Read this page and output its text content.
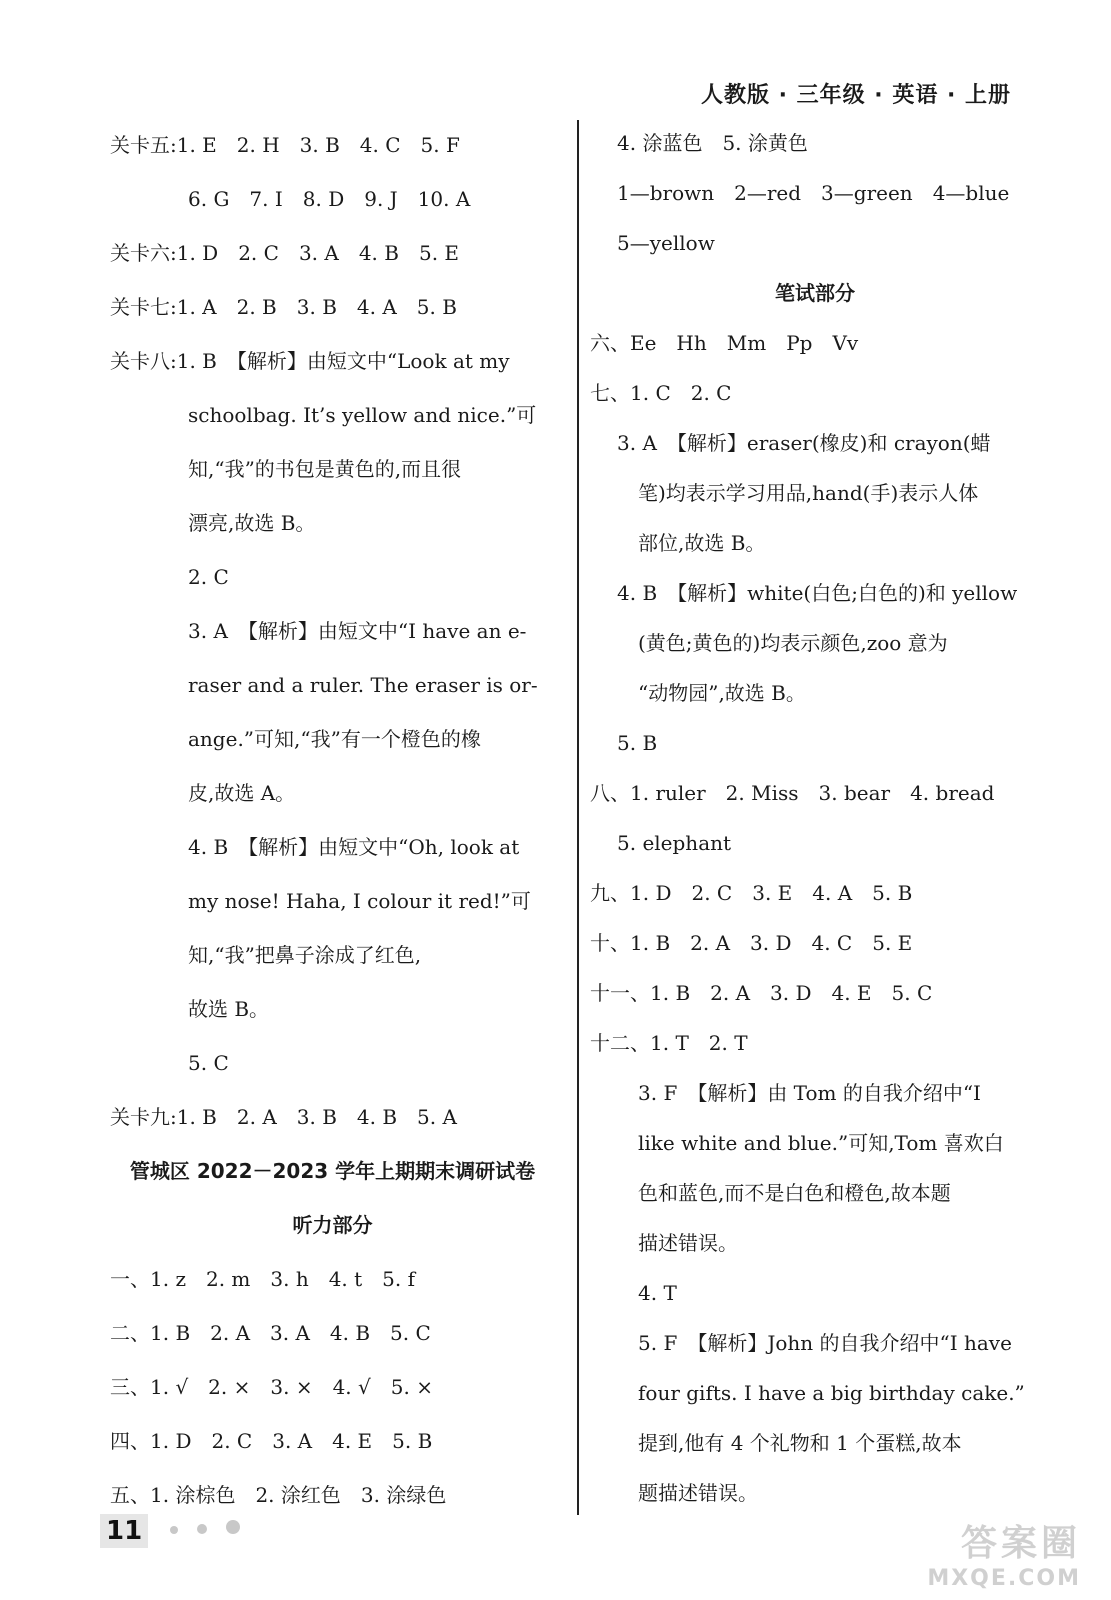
人教版 · 三年级 · 英语 · 上册
关卡五:1. E　2. H　3. B　4. C　5. F
6. G　7. I　8. D　9. J　10. A
关卡六:1. D　2. C　3. A　4. B　5. E
关卡七:1. A　2. B　3. B　4. A　5. B
关卡八:1. B　【解析】由短文中“Look at my
schoolbag. It’s yellow and nice.”可
知,“我”的书包是黄色的,而且很
漂亮,故选 B。
2. C
3. A　【解析】由短文中“I have an e-
raser and a ruler. The eraser is or-
ange.”可知,“我”有一个橙色的橡
皮,故选 A。
4. B　【解析】由短文中“Oh, look at
my nose! Haha, I colour it red!”可
知,“我”把鼻子涂成了红色,
故选 B。
5. C
关卡九:1. B　2. A　3. B　4. B　5. A
管城区 2022－2023 学年上期期末调研试卷
听力部分
一、1. z　2. m　3. h　4. t　5. f
二、1. B　2. A　3. A　4. B　5. C
三、1. √　2. ×　3. ×　4. √　5. ×
四、1. D　2. C　3. A　4. E　5. B
五、1. 涂棕色　2. 涂红色　3. 涂绿色
4. 涂蓝色　5. 涂黄色
1—brown　2—red　3—green　4—blue
5—yellow
笔试部分
六、Ee　Hh　Mm　Pp　Vv
七、1. C　2. C
3. A　【解析】eraser(橡皮)和 crayon(蜡
笔)均表示学习用品,hand(手)表示人体
部位,故选 B。
4. B　【解析】white(白色;白色的)和 yellow
(黄色;黄色的)均表示颜色,zoo 意为
“动物园”,故选 B。
5. B
八、1. ruler　2. Miss　3. bear　4. bread
5. elephant
九、1. D　2. C　3. E　4. A　5. B
十、1. B　2. A　3. D　4. C　5. E
十一、1. B　2. A　3. D　4. E　5. C
十二、1. T　2. T
3. F　【解析】由 Tom 的自我介绍中“I
like white and blue.”可知,Tom 喜欢白
色和蓝色,而不是白色和橙色,故本题
描述错误。
4. T
5. F　【解析】John 的自我介绍中“I have
four gifts. I have a big birthday cake.”
提到,他有 4 个礼物和 1 个蛋糕,故本
题描述错误。
11
	答案圈
MXQE.COM
